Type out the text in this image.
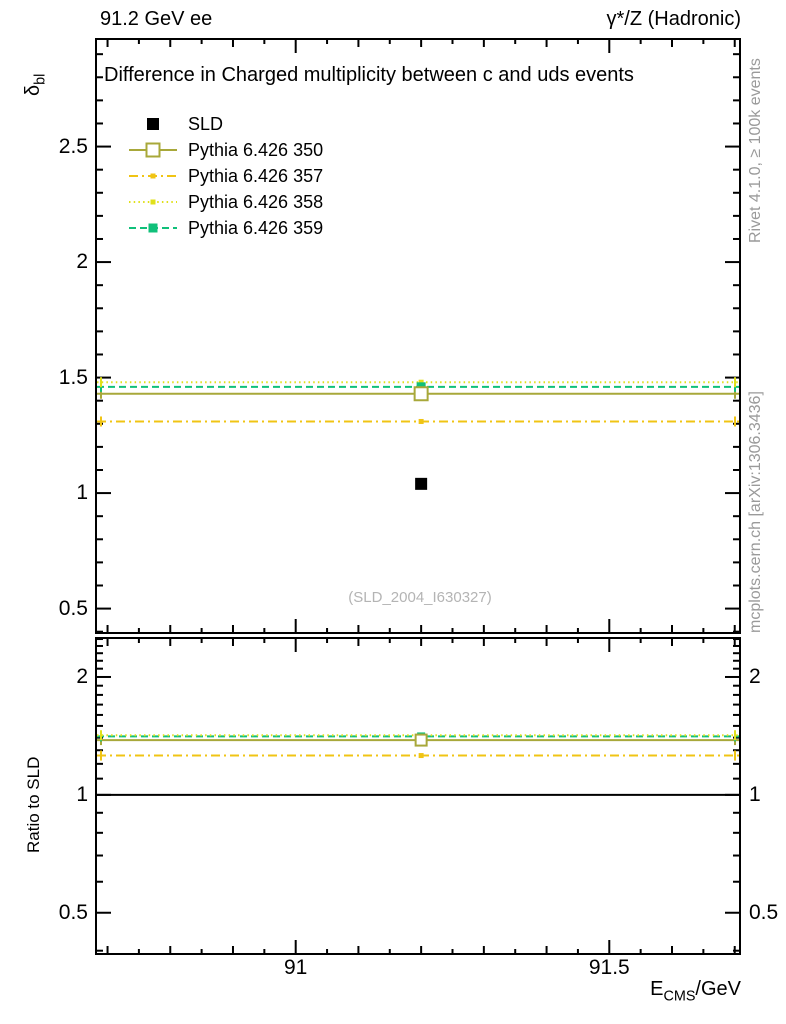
91.2 GeV ee	γ*/Z (Hadronic)
$\delta_{bl}$	Difference in Charged multiplicity between c and uds events
SLD
Pythia 6.426 350
Pythia 6.426 357
Pythia 6.426 358
Pythia 6.426 359
(SLD_2004_I630327)
Rivet 4.1.0, ≥ 100k events
mcplots.cern.ch [arXiv:1306.3436]
Ratio to SLD
$E_{CMS}$/GeV
0.5
1
1.5
2
2.5
0.5	0.5
1	1
2	2
91	91.5
